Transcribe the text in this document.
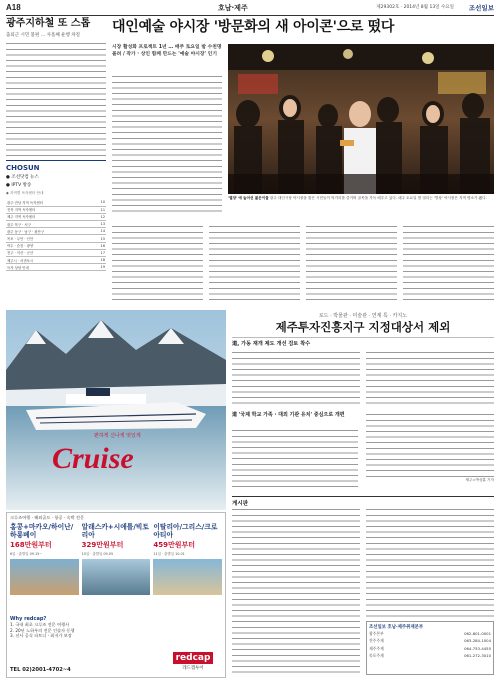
A18	호남·제주	제29302호 · 2014년 8월 13일 수요일 조선일보
광주지하철 또 스톱
출퇴근 시민 불편 … 사흘째 운행 차질
CHOSUN
● 조선닷컴 뉴스
● IPTV 방송
◆ 지역별 독자센터 안내
광주·전남 지역 독자센터	10
전북 지역 독자센터	11
제주 지역 독자센터	12
광주 북구 · 서구	13
광주 동구 · 남구 · 광산구	14
목포 · 무안 · 신안	15
여수 · 순천 · 광양	16
전주 · 익산 · 군산	17
제주시 · 서귀포시	18
독자 상담 안내	19
대인예술 야시장 '방문화의 새 아이콘'으로 떴다
시장 활성화 프로젝트 1년 … 매주 토요일 밤 수천명 몰려 / 작가 · 상인 함께 만드는 '예술 야시장' 인기
'별장' 에 늘어선 젊은이들 광주 대인시장 야시장을 찾은 시민들이 먹거리를 즐기며 골목을 가득 메우고 있다. 매주 토요일 밤 열리는 '별장' 야시장은 지역 명소가 됐다.
편하게 신나게 멋있게
Cruise
크루즈여행 · 해외골프 · 항공 · 숙박 전문
홍콩+마카오/하이난/하롱베이
168만원부터
6일 · 출발일 09.15~
알래스카+시애틀/빅토리아
329만원부터
10일 · 출발일 09.05
이탈리아/그리스/크로아티아
459만원부터
11일 · 출발일 10.01
Why redcap?
1. 국내 최초 크루즈 전문 여행사
2. 20년 노하우의 전문 인솔자 동행
3. 선사 공식 파트너 · 최저가 보장
TEL 02)2001-4702~4
redcap
레드캡투어
로드 · 박물관 · 미술관 · 연계 특 · 카지노
제주투자진흥지구 지정대상서 제외
道, 가동 재개 제도 개선 검토 착수
道 '국제 학교 가족 · 대외 기관 유치' 중심으로 개편
제주=박상훈 기자
게시판
조선일보 호남·제주취재본부
광주본부	062-601-0001
전주주재	063-284-1004
제주주재	064-753-4455
목포주재	061-272-3010
